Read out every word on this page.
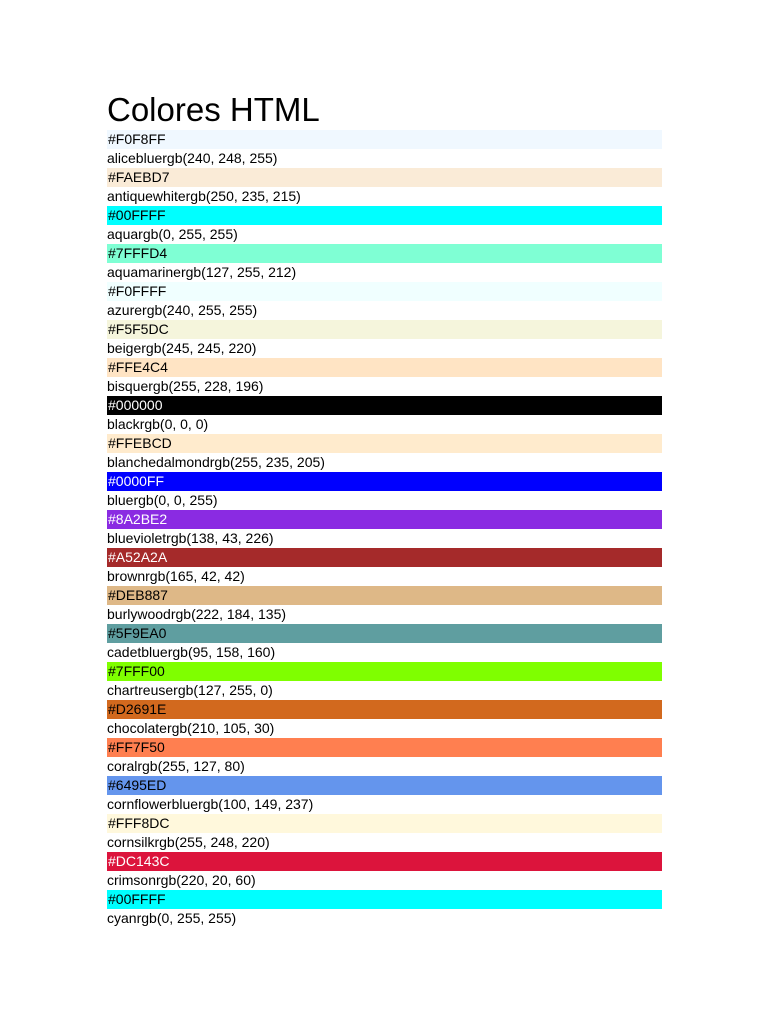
Colores HTML
#F0F8FF
alicebluergb(240, 248, 255)
#FAEBD7
antiquewhitergb(250, 235, 215)
#00FFFF
aquargb(0, 255, 255)
#7FFFD4
aquamarinergb(127, 255, 212)
#F0FFFF
azurergb(240, 255, 255)
#F5F5DC
beigergb(245, 245, 220)
#FFE4C4
bisquergb(255, 228, 196)
#000000
blackrgb(0, 0, 0)
#FFEBCD
blanchedalmondrgb(255, 235, 205)
#0000FF
bluergb(0, 0, 255)
#8A2BE2
bluevioletrgb(138, 43, 226)
#A52A2A
brownrgb(165, 42, 42)
#DEB887
burlywoodrgb(222, 184, 135)
#5F9EA0
cadetbluergb(95, 158, 160)
#7FFF00
chartreusergb(127, 255, 0)
#D2691E
chocolatergb(210, 105, 30)
#FF7F50
coralrgb(255, 127, 80)
#6495ED
cornflowerbluergb(100, 149, 237)
#FFF8DC
cornsilkrgb(255, 248, 220)
#DC143C
crimsonrgb(220, 20, 60)
#00FFFF
cyanrgb(0, 255, 255)
